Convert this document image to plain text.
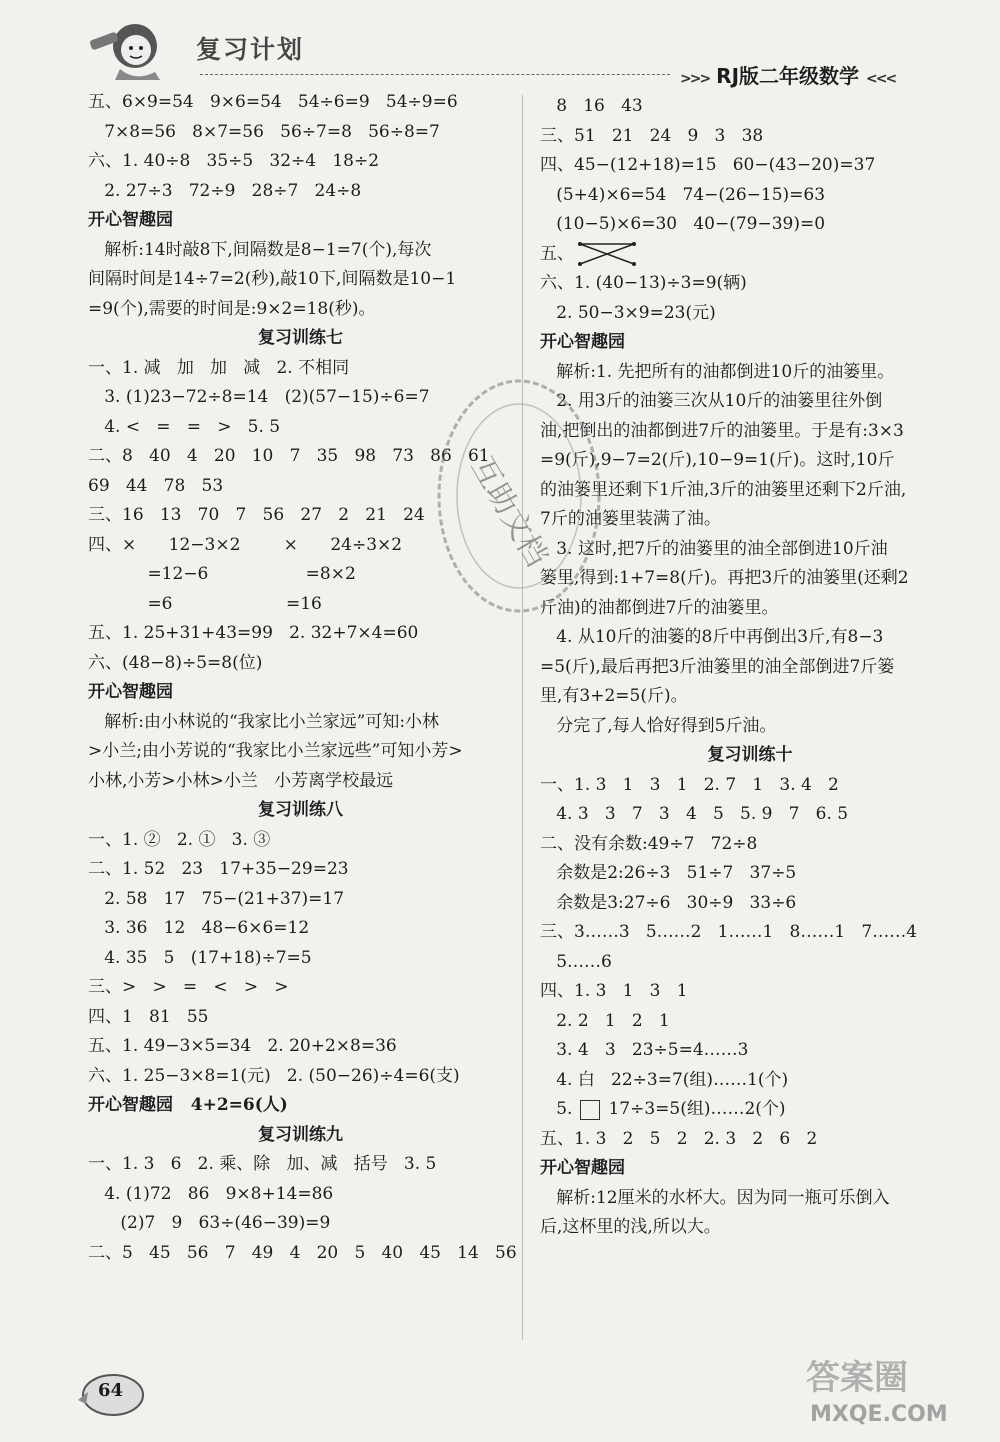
复习计划
>>> RJ版二年级数学 <<<
五、6×9=54   9×6=54   54÷6=9   54÷9=6
7×8=56   8×7=56   56÷7=8   56÷8=7
六、1. 40÷8   35÷5   32÷4   18÷2
2. 27÷3   72÷9   28÷7   24÷8
开心智趣园
解析:14时敲8下,间隔数是8−1=7(个),每次
间隔时间是14÷7=2(秒),敲10下,间隔数是10−1
=9(个),需要的时间是:9×2=18(秒)。
复习训练七
一、1. 减   加   加   减   2. 不相同
3. (1)23−72÷8=14   (2)(57−15)÷6=7
4. <   =   =   >   5. 5
二、8   40   4   20   10   7   35   98   73   86   61
69   44   78   53
三、16   13   70   7   56   27   2   21   24
四、×      12−3×2        ×      24÷3×2
=12−6                  =8×2
=6                     =16
五、1. 25+31+43=99   2. 32+7×4=60
六、(48−8)÷5=8(位)
开心智趣园
解析:由小林说的“我家比小兰家远”可知:小林
>小兰;由小芳说的“我家比小兰家远些”可知小芳>
小林,小芳>小林>小兰   小芳离学校最远
复习训练八
一、1. ②   2. ①   3. ③
二、1. 52   23   17+35−29=23
2. 58   17   75−(21+37)=17
3. 36   12   48−6×6=12
4. 35   5   (17+18)÷7=5
三、>   >   =   <   >   >
四、1   81   55
五、1. 49−3×5=34   2. 20+2×8=36
六、1. 25−3×8=1(元)   2. (50−26)÷4=6(支)
开心智趣园   4+2=6(人)
复习训练九
一、1. 3   6   2. 乘、除   加、减   括号   3. 5
4. (1)72   86   9×8+14=86
(2)7   9   63÷(46−39)=9
二、5   45   56   7   49   4   20   5   40   45   14   56
8   16   43
三、51   21   24   9   3   38
四、45−(12+18)=15   60−(43−20)=37
(5+4)×6=54   74−(26−15)=63
(10−5)×6=30   40−(79−39)=0
五、
六、1. (40−13)÷3=9(辆)
2. 50−3×9=23(元)
开心智趣园
解析:1. 先把所有的油都倒进10斤的油篓里。
2. 用3斤的油篓三次从10斤的油篓里往外倒
油,把倒出的油都倒进7斤的油篓里。于是有:3×3
=9(斤),9−7=2(斤),10−9=1(斤)。这时,10斤
的油篓里还剩下1斤油,3斤的油篓里还剩下2斤油,
7斤的油篓里装满了油。
3. 这时,把7斤的油篓里的油全部倒进10斤油
篓里,得到:1+7=8(斤)。再把3斤的油篓里(还剩2
斤油)的油都倒进7斤的油篓里。
4. 从10斤的油篓的8斤中再倒出3斤,有8−3
=5(斤),最后再把3斤油篓里的油全部倒进7斤篓
里,有3+2=5(斤)。
分完了,每人恰好得到5斤油。
复习训练十
一、1. 3   1   3   1   2. 7   1   3. 4   2
4. 3   3   7   3   4   5   5. 9   7   6. 5
二、没有余数:49÷7   72÷8
余数是2:26÷3   51÷7   37÷5
余数是3:27÷6   30÷9   33÷6
三、3……3   5……2   1……1   8……1   7……4
5……6
四、1. 3   1   3   1
2. 2   1   2   1
3. 4   3   23÷5=4……3
4. 白   22÷3=7(组)……1(个)
5. 17÷3=5(组)……2(个)
五、1. 3   2   5   2   2. 3   2   6   2
开心智趣园
解析:12厘米的水杯大。因为同一瓶可乐倒入
后,这杯里的浅,所以大。
互助文档
64	答案圈
MXQE.COM
